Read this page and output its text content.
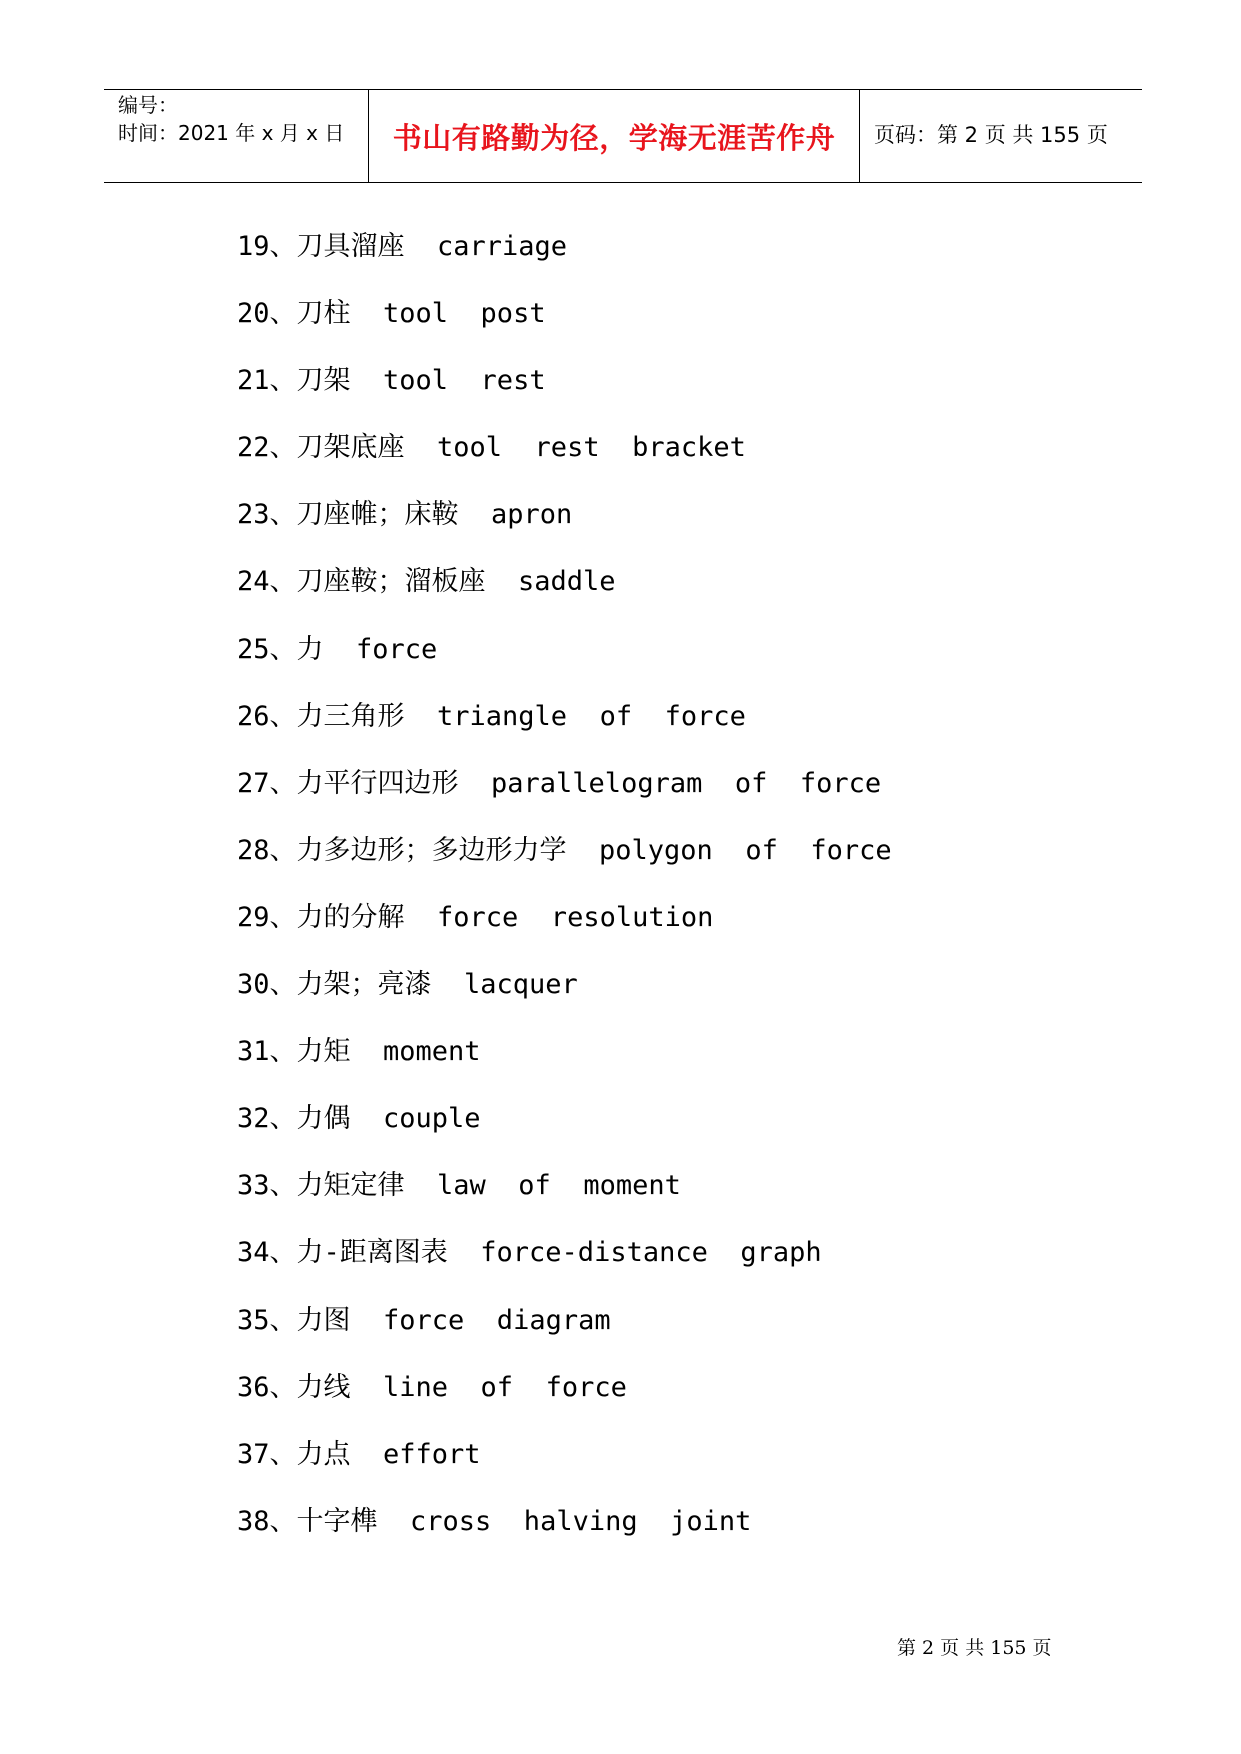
编号：
时间：2021 年 x 月 x 日	书山有路勤为径，学海无涯苦作舟	页码：第 2 页 共 155 页
19、刀具溜座  carriage
20、刀柱  tool  post
21、刀架  tool  rest
22、刀架底座  tool  rest  bracket
23、刀座帷；床鞍  apron
24、刀座鞍；溜板座  saddle
25、力  force
26、力三角形  triangle  of  force
27、力平行四边形  parallelogram  of  force
28、力多边形；多边形力学  polygon  of  force
29、力的分解  force  resolution
30、力架；亮漆  lacquer
31、力矩  moment
32、力偶  couple
33、力矩定律  law  of  moment
34、力-距离图表  force-distance  graph
35、力图  force  diagram
36、力线  line  of  force
37、力点  effort
38、十字榫  cross  halving  joint
第 2 页 共 155 页
